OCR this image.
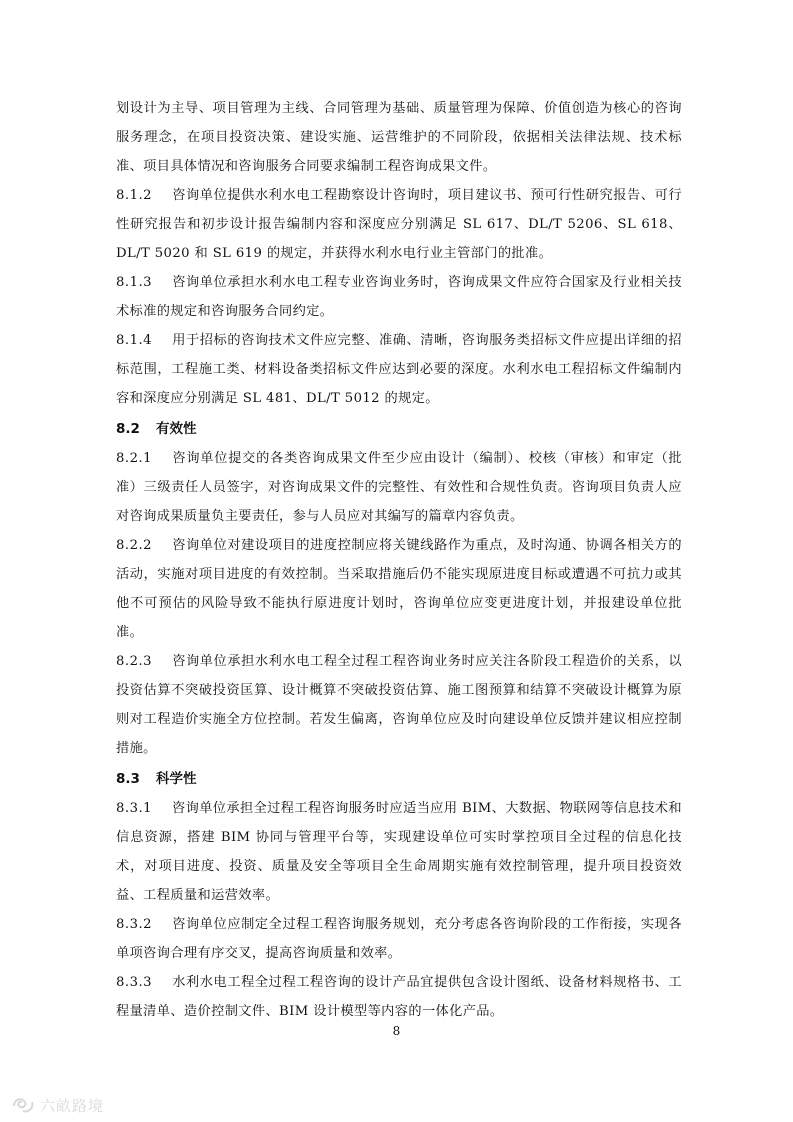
划设计为主导、项目管理为主线、合同管理为基础、质量管理为保障、价值创造为核心的咨询服务理念，在项目投资决策、建设实施、运营维护的不同阶段，依据相关法律法规、技术标准、项目具体情况和咨询服务合同要求编制工程咨询成果文件。

8.1.2 咨询单位提供水利水电工程勘察设计咨询时，项目建议书、预可行性研究报告、可行性研究报告和初步设计报告编制内容和深度应分别满足 SL 617、DL/T 5206、SL 618、DL/T 5020 和 SL 619 的规定，并获得水利水电行业主管部门的批准。

8.1.3 咨询单位承担水利水电工程专业咨询业务时，咨询成果文件应符合国家及行业相关技术标准的规定和咨询服务合同约定。

8.1.4 用于招标的咨询技术文件应完整、准确、清晰，咨询服务类招标文件应提出详细的招标范围，工程施工类、材料设备类招标文件应达到必要的深度。水利水电工程招标文件编制内容和深度应分别满足 SL 481、DL/T 5012 的规定。

8.2 有效性

8.2.1 咨询单位提交的各类咨询成果文件至少应由设计（编制）、校核（审核）和审定（批准）三级责任人员签字，对咨询成果文件的完整性、有效性和合规性负责。咨询项目负责人应对咨询成果质量负主要责任，参与人员应对其编写的篇章内容负责。

8.2.2 咨询单位对建设项目的进度控制应将关键线路作为重点，及时沟通、协调各相关方的活动，实施对项目进度的有效控制。当采取措施后仍不能实现原进度目标或遭遇不可抗力或其他不可预估的风险导致不能执行原进度计划时，咨询单位应变更进度计划，并报建设单位批准。

8.2.3 咨询单位承担水利水电工程全过程工程咨询业务时应关注各阶段工程造价的关系，以投资估算不突破投资匡算、设计概算不突破投资估算、施工图预算和结算不突破设计概算为原则对工程造价实施全方位控制。若发生偏离，咨询单位应及时向建设单位反馈并建议相应控制措施。

8.3 科学性

8.3.1 咨询单位承担全过程工程咨询服务时应适当应用 BIM、大数据、物联网等信息技术和信息资源，搭建 BIM 协同与管理平台等，实现建设单位可实时掌控项目全过程的信息化技术，对项目进度、投资、质量及安全等项目全生命周期实施有效控制管理，提升项目投资效益、工程质量和运营效率。

8.3.2 咨询单位应制定全过程工程咨询服务规划，充分考虑各咨询阶段的工作衔接，实现各单项咨询合理有序交叉，提高咨询质量和效率。

8.3.3 水利水电工程全过程工程咨询的设计产品宜提供包含设计图纸、设备材料规格书、工程量清单、造价控制文件、BIM 设计模型等内容的一体化产品。

8
六畝路境
